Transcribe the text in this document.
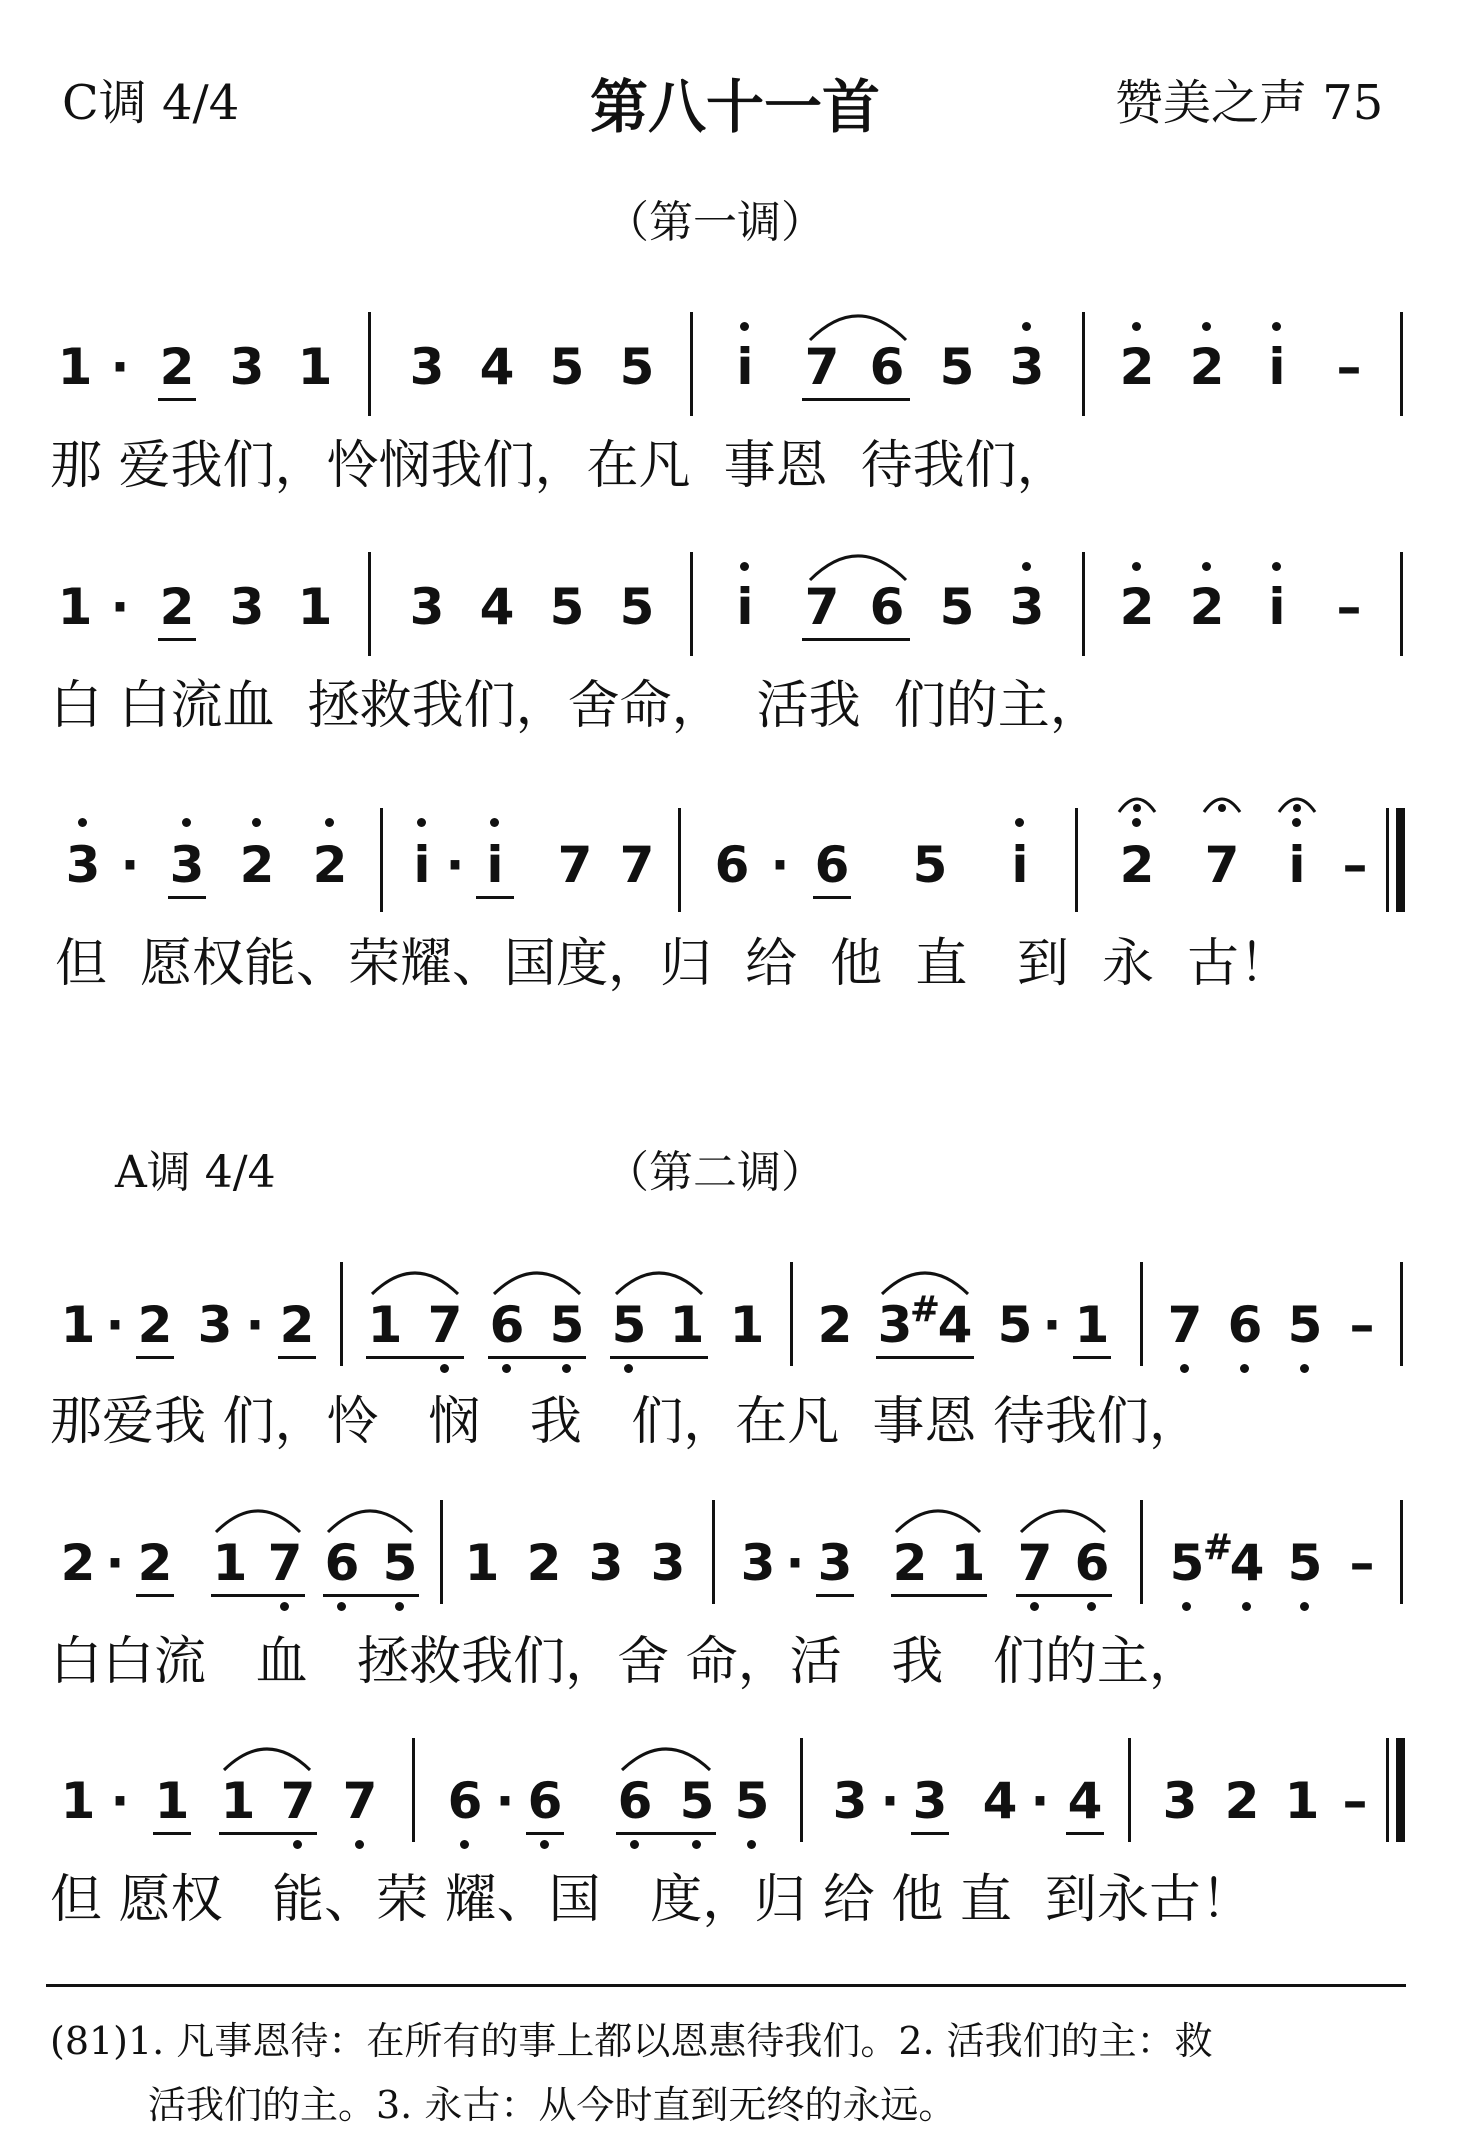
C调 4/4	第八十一首	赞美之声 75
（第一调）
1 · 2 3 1 3 4 5 5 i 7 6 5 3 2 2 i –
那 爱我们，怜悯我们，在凡  事恩  待我们，
1 · 2 3 1 3 4 5 5 i 7 6 5 3 2 2 i –
白 白流血  拯救我们，舍命，  活我  们的主，
3 · 3 2 2 i · i 7 7 6 · 6 5 i 2 7 i –
但  愿权能、荣耀、国度，归  给  他  直   到  永  古！
A调 4/4	（第二调）
1 · 2 3 · 2 1 7 6 5 5 1 1 2 3
#
4 5 · 1 7 6 5 –
那爱我 们，怜   悯   我   们，在凡  事恩 待我们，
2 · 2 1 7 6 5 1 2 3 3 3 · 3 2 1 7 6 5
#
4 5 –
白白流   血   拯救我们，舍 命，活   我   们的主，
1 · 1 1 7 7 6 · 6 6 5 5 3 · 3 4 · 4 3 2 1 –
但 愿权   能、荣 耀、国   度，归 给 他 直  到永古！
(81)1. 凡事恩待：在所有的事上都以恩惠待我们。2. 活我们的主：救
活我们的主。3. 永古：从今时直到无终的永远。
